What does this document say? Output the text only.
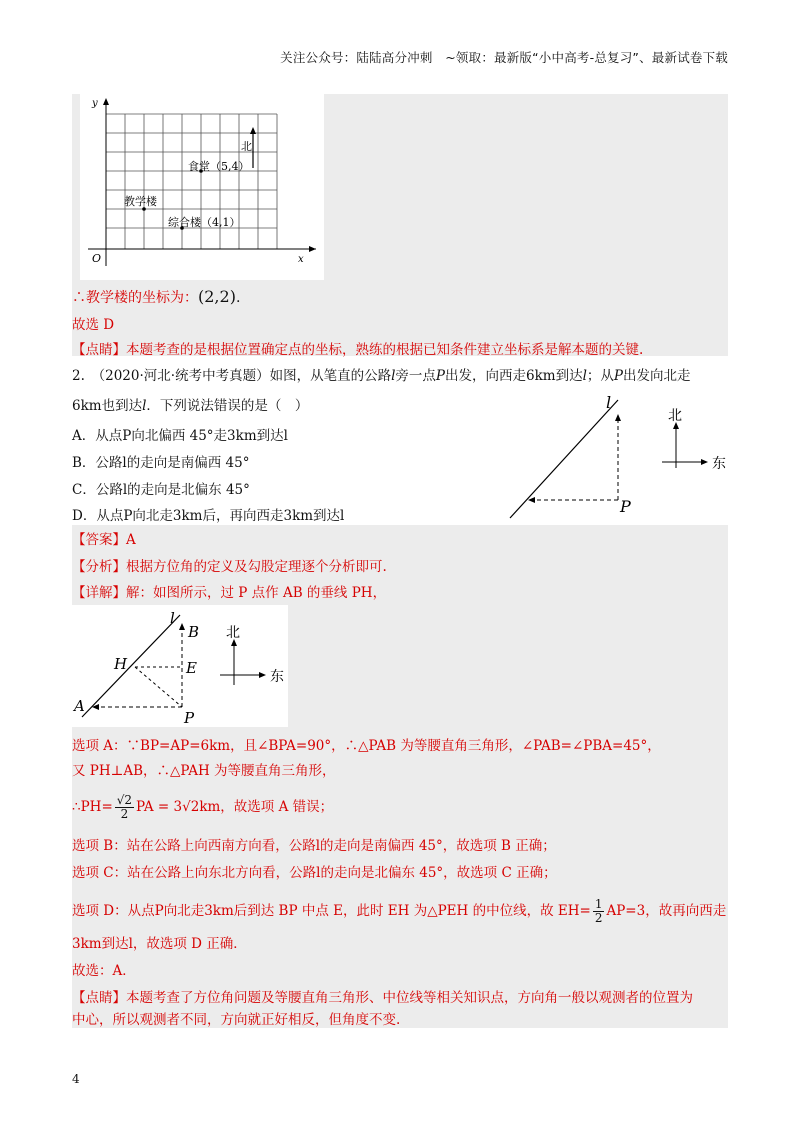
关注公众号：陆陆高分冲刺　~领取：最新版“小中高考-总复习”、最新试卷下载
y
x
O
北
食堂（5,4）
教学楼
综合楼（4,1）
∴教学楼的坐标为：(2,2).
故选 D
【点睛】本题考查的是根据位置确定点的坐标，熟练的根据已知条件建立坐标系是解本题的关键.
2.　（2020·河北·统考中考真题）如图，从笔直的公路l旁一点P出发，向西走6km到达l；从P出发向北走
6km也到达l．下列说法错误的是（　）
A．从点P向北偏西 45°走3km到达l
B．公路l的走向是南偏西 45°
C．公路l的走向是北偏东 45°
D．从点P向北走3km后，再向西走3km到达l
l
P
北
东
【答案】A
【分析】根据方位角的定义及勾股定理逐个分析即可.
【详解】解：如图所示，过 P 点作 AB 的垂线 PH，
l
B
H	E
A
P
北
东
选项 A：∵BP=AP=6km，且∠BPA=90°，∴△PAB 为等腰直角三角形，∠PAB=∠PBA=45°，
又 PH⊥AB，∴△PAH 为等腰直角三角形，
∴PH= $\frac{√2}{2}$ PA = 3√2km，故选项 A 错误；
选项 B：站在公路上向西南方向看，公路l的走向是南偏西 45°，故选项 B 正确；
选项 C：站在公路上向东北方向看，公路l的走向是北偏东 45°，故选项 C 正确；
选项 D：从点P向北走3km后到达 BP 中点 E，此时 EH 为△PEH 的中位线，故 $EH= \frac{1}{2} AP=3$，故再向西走
3km到达l，故选项 D 正确．
故选：A．
【点睛】本题考查了方位角问题及等腰直角三角形、中位线等相关知识点，方向角一般以观测者的位置为
中心，所以观测者不同，方向就正好相反，但角度不变.
4
